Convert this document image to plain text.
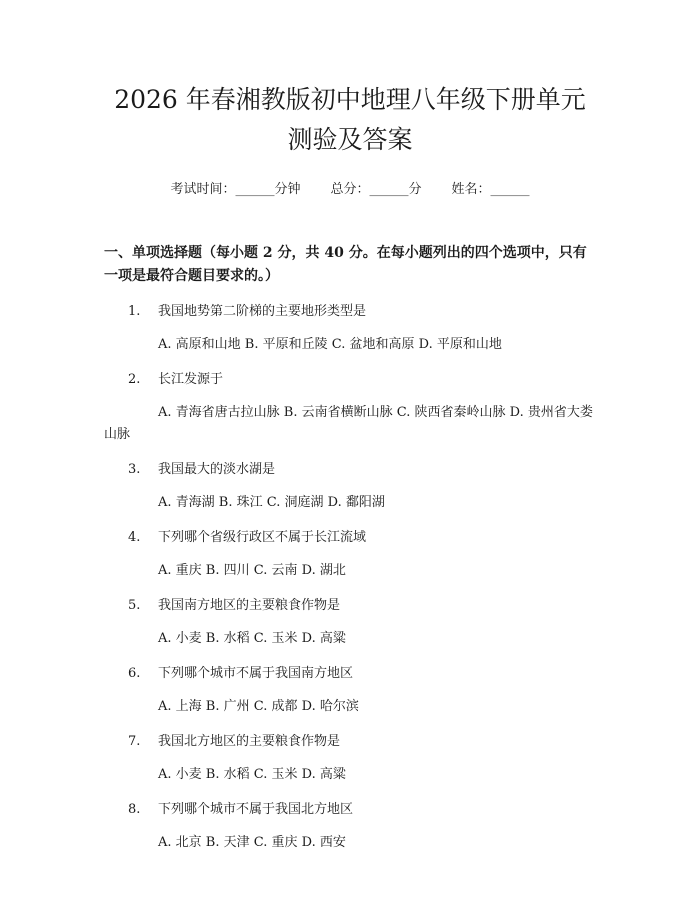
2026 年春湘教版初中地理八年级下册单元测验及答案
考试时间：______分钟 总分：______分 姓名：______
一、单项选择题（每小题 2 分，共 40 分。在每小题列出的四个选项中，只有一项是最符合题目要求的。）
1.	我国地势第二阶梯的主要地形类型是
A. 高原和山地 B. 平原和丘陵 C. 盆地和高原 D. 平原和山地
2.	长江发源于
A. 青海省唐古拉山脉 B. 云南省横断山脉 C. 陕西省秦岭山脉 D. 贵州省大娄山脉
3.	我国最大的淡水湖是
A. 青海湖 B. 珠江 C. 洞庭湖 D. 鄱阳湖
4.	下列哪个省级行政区不属于长江流域
A. 重庆 B. 四川 C. 云南 D. 湖北
5.	我国南方地区的主要粮食作物是
A. 小麦 B. 水稻 C. 玉米 D. 高粱
6.	下列哪个城市不属于我国南方地区
A. 上海 B. 广州 C. 成都 D. 哈尔滨
7.	我国北方地区的主要粮食作物是
A. 小麦 B. 水稻 C. 玉米 D. 高粱
8.	下列哪个城市不属于我国北方地区
A. 北京 B. 天津 C. 重庆 D. 西安
